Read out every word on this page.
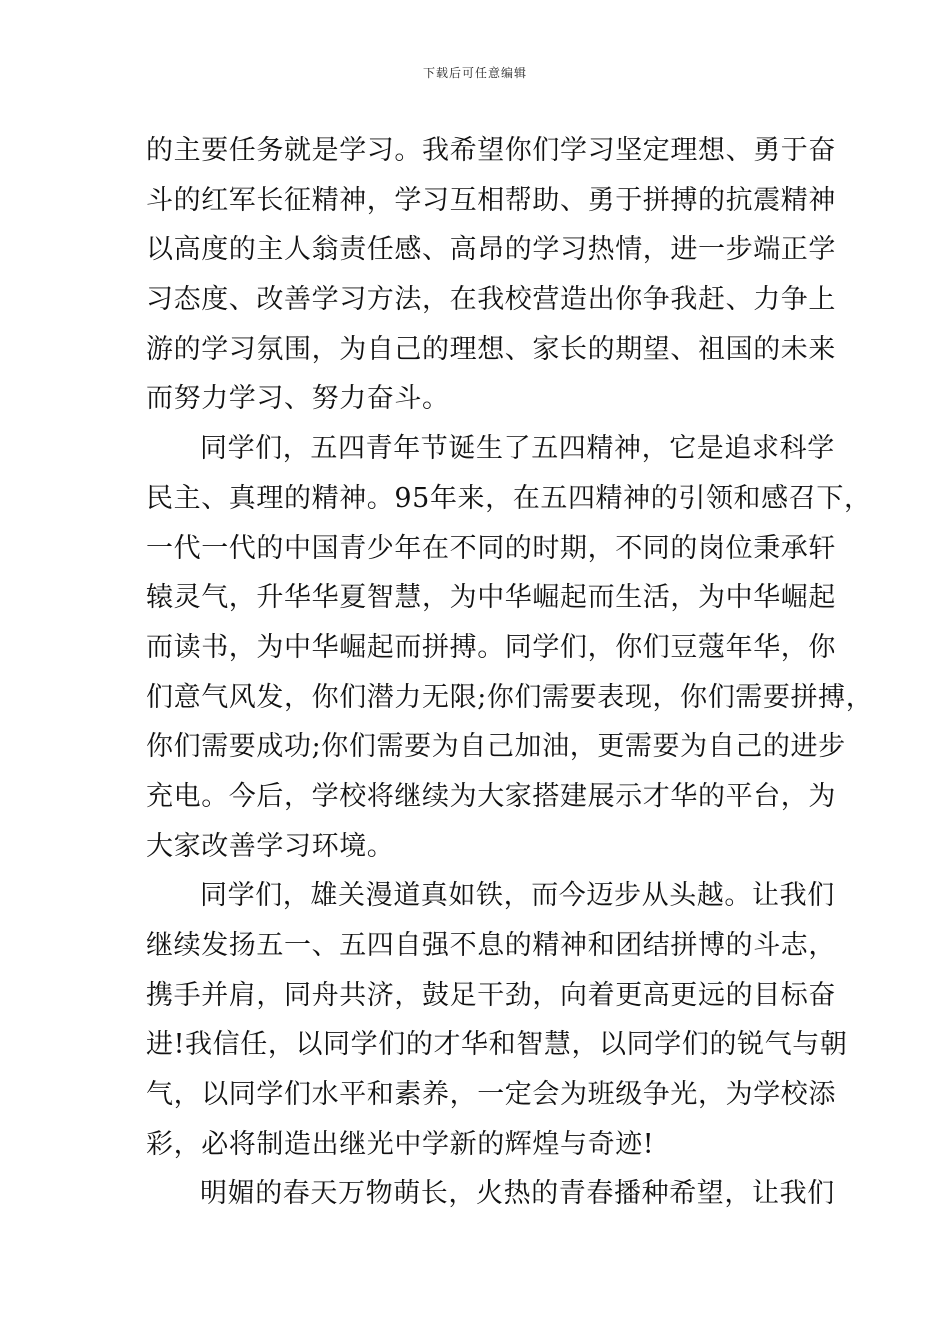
下载后可任意编辑
的主要任务就是学习。我希望你们学习坚定理想、勇于奋
斗的红军长征精神，学习互相帮助、勇于拼搏的抗震精神
以高度的主人翁责任感、高昂的学习热情，进一步端正学
习态度、改善学习方法，在我校营造出你争我赶、力争上
游的学习氛围，为自己的理想、家长的期望、祖国的未来
而努力学习、努力奋斗。
同学们，五四青年节诞生了五四精神，它是追求科学
民主、真理的精神。95年来，在五四精神的引领和感召下，
一代一代的中国青少年在不同的时期，不同的岗位秉承轩
辕灵气，升华华夏智慧，为中华崛起而生活，为中华崛起
而读书，为中华崛起而拼搏。同学们，你们豆蔻年华，你
们意气风发，你们潜力无限;你们需要表现，你们需要拼搏，
你们需要成功;你们需要为自己加油，更需要为自己的进步
充电。今后，学校将继续为大家搭建展示才华的平台，为
大家改善学习环境。
同学们，雄关漫道真如铁，而今迈步从头越。让我们
继续发扬五一、五四自强不息的精神和团结拼博的斗志，
携手并肩，同舟共济，鼓足干劲，向着更高更远的目标奋
进!我信任，以同学们的才华和智慧，以同学们的锐气与朝
气，以同学们水平和素养，一定会为班级争光，为学校添
彩，必将制造出继光中学新的辉煌与奇迹!
明媚的春天万物萌长，火热的青春播种希望，让我们
